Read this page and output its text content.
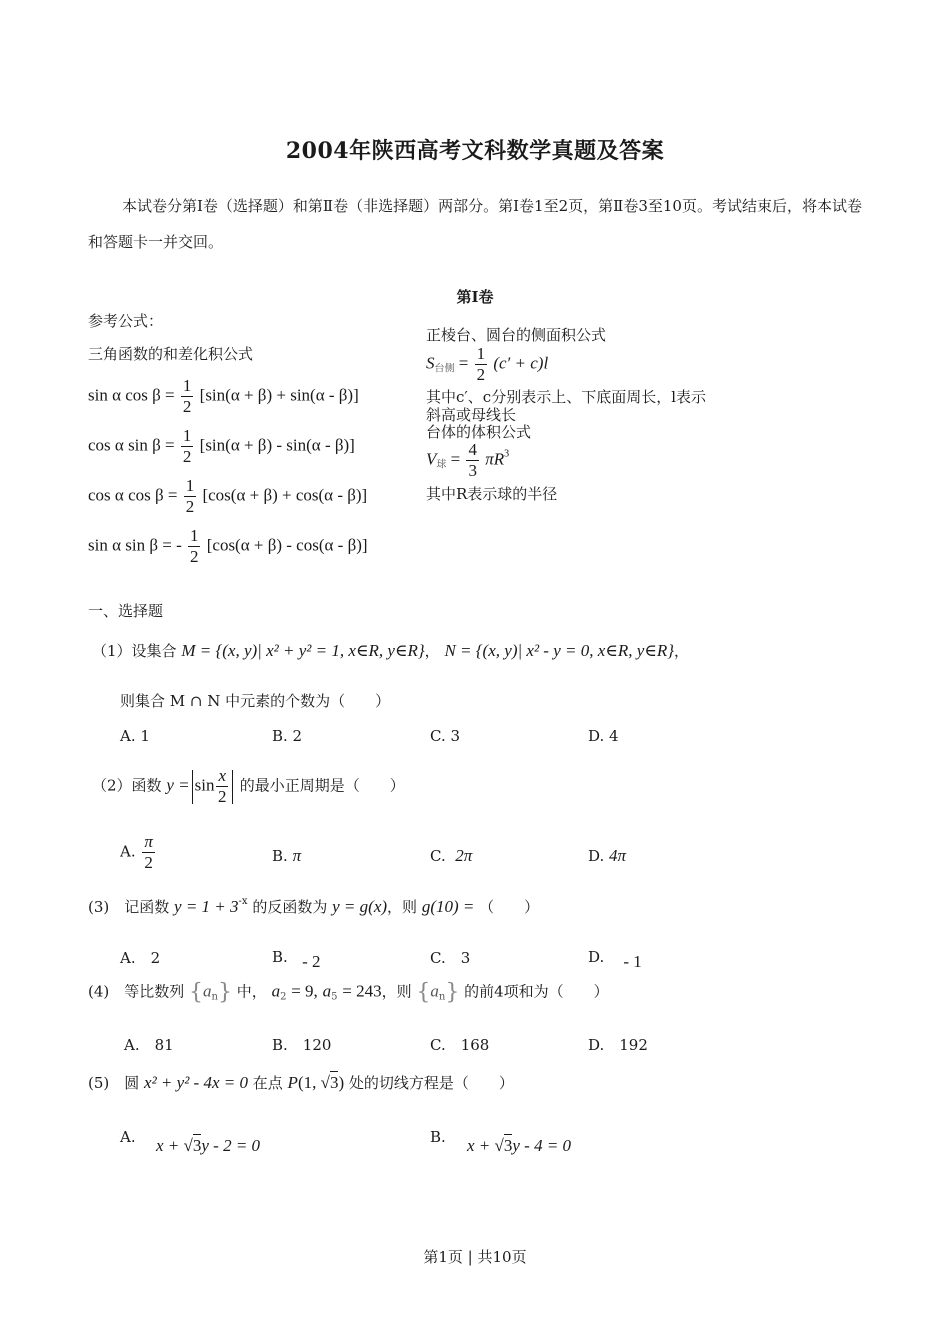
2004年陕西高考文科数学真题及答案
本试卷分第Ⅰ卷（选择题）和第Ⅱ卷（非选择题）两部分。第Ⅰ卷1至2页，第Ⅱ卷3至10页。考试结束后，将本试卷和答题卡一并交回。
第Ⅰ卷
参考公式：
三角函数的和差化积公式
sin α $\cos \beta = \frac{1}{2} [\sin(\alpha + \beta) + \sin(\alpha - \beta)]$
cos α $\sin \beta = \frac{1}{2} [\sin(\alpha + \beta) - \sin(\alpha - \beta)]$
cos α $\cos \beta = \frac{1}{2} [\cos(\alpha + \beta) + \cos(\alpha - \beta)]$
sin α sin β = - $\frac{1}{2} [\cos(\alpha + \beta) - \cos(\alpha - \beta)]$
正棱台、圆台的侧面积公式
$S_{台侧} = \frac{1}{2} (c' + c)l$
其中c′、c分别表示上、下底面周长，l表示
斜高或母线长
台体的体积公式
$V_球 = \frac{4}{3} \pi R^3$
其中R表示球的半径
一、选择题
（1）设集合 M = {(x, y)| x² + y² = 1, x∈R, y∈R}， N = {(x, y)| x² - y = 0, x∈R, y∈R}，
则集合 M ∩ N 中元素的个数为（　　）
A. 1	B. 2	C. 3	D. 4
（2）函数 $y = \sin \frac{x}{2}$ 的最小正周期是（　　）
A. $\frac{\pi}{2}$	B. π	C. 2π	D. 4π
(3)　记函数 $y = 1 + 3^{-x}$ 的反函数为 y = g(x)，则 g(10) = （　　）
A.　2	B. - 2	C.　3	D. - 1
(4)　等比数列 $\{a_n\}$ 中， $a_2 = 9$, $a_5 = 243$，则 $\{a_n\}$ 的前4项和为（　　）
A.　81	B.　120	C.　168	D.　192
(5)　圆 x² + y² - 4x = 0 在点 P(1, √3) 处的切线方程是（　　）
A. x + √3y - 2 = 0	B. x + √3y - 4 = 0
第1页 | 共10页
